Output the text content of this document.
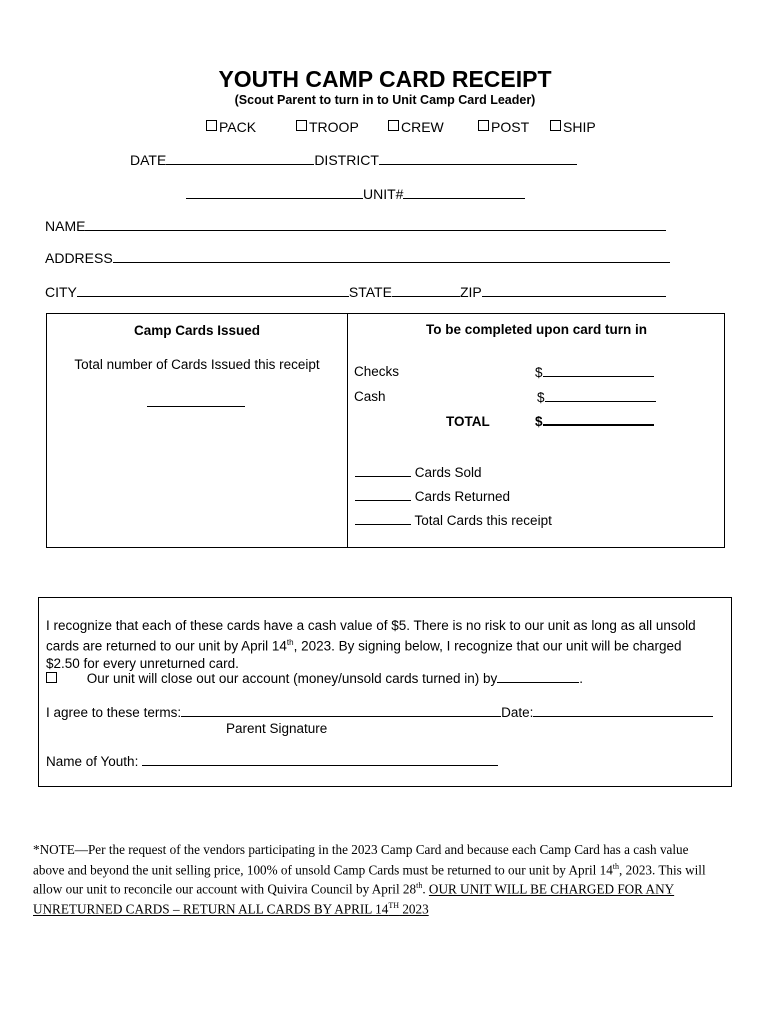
YOUTH CAMP CARD RECEIPT
(Scout Parent to turn in to Unit Camp Card Leader)
PACK	TROOP	CREW	POST	SHIP
DATE	DISTRICT
UNIT#
NAME
ADDRESS
CITY	STATE	ZIP
Camp Cards Issued
Total number of Cards Issued this receipt
To be completed upon card turn in
Checks	$
Cash	$
TOTAL	$
Cards Sold
Cards Returned
Total Cards this receipt
I recognize that each of these cards have a cash value of $5. There is no risk to our unit as long as all unsold
cards are returned to our unit by April 14th, 2023. By signing below, I recognize that our unit will be charged
$2.50 for every unreturned card.
Our unit will close out our account (money/unsold cards turned in) by	.
I agree to these terms:	Date:
Parent Signature
Name of Youth:
*NOTE—Per the request of the vendors participating in the 2023 Camp Card and because each Camp Card has a cash value
above and beyond the unit selling price, 100% of unsold Camp Cards must be returned to our unit by April 14th, 2023. This will
allow our unit to reconcile our account with Quivira Council by April 28th. OUR UNIT WILL BE CHARGED FOR ANY
UNRETURNED CARDS – RETURN ALL CARDS BY APRIL 14TH 2023
